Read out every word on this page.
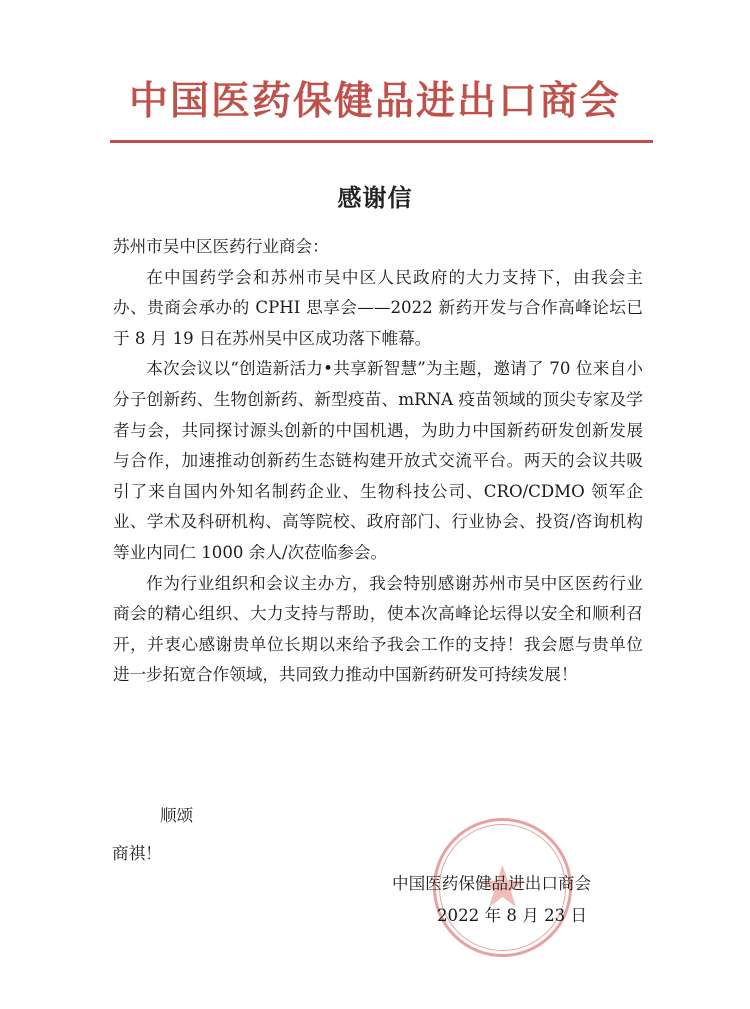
中国医药保健品进出口商会
感谢信

苏州市吴中区医药行业商会：

在中国药学会和苏州市吴中区人民政府的大力支持下，由我会主办、贵商会承办的 CPHI 思享会——2022 新药开发与合作高峰论坛已于 8 月 19 日在苏州吴中区成功落下帷幕。

本次会议以“创造新活力•共享新智慧”为主题，邀请了 70 位来自小分子创新药、生物创新药、新型疫苗、mRNA 疫苗领域的顶尖专家及学者与会，共同探讨源头创新的中国机遇，为助力中国新药研发创新发展与合作，加速推动创新药生态链构建开放式交流平台。两天的会议共吸引了来自国内外知名制药企业、生物科技公司、CRO/CDMO 领军企业、学术及科研机构、高等院校、政府部门、行业协会、投资/咨询机构等业内同仁 1000 余人/次莅临参会。

作为行业组织和会议主办方，我会特别感谢苏州市吴中区医药行业商会的精心组织、大力支持与帮助，使本次高峰论坛得以安全和顺利召开，并衷心感谢贵单位长期以来给予我会工作的支持！我会愿与贵单位进一步拓宽合作领域，共同致力推动中国新药研发可持续发展！

顺颂
商祺！
中国医药保健品进出口商会
2022 年 8 月 23 日
